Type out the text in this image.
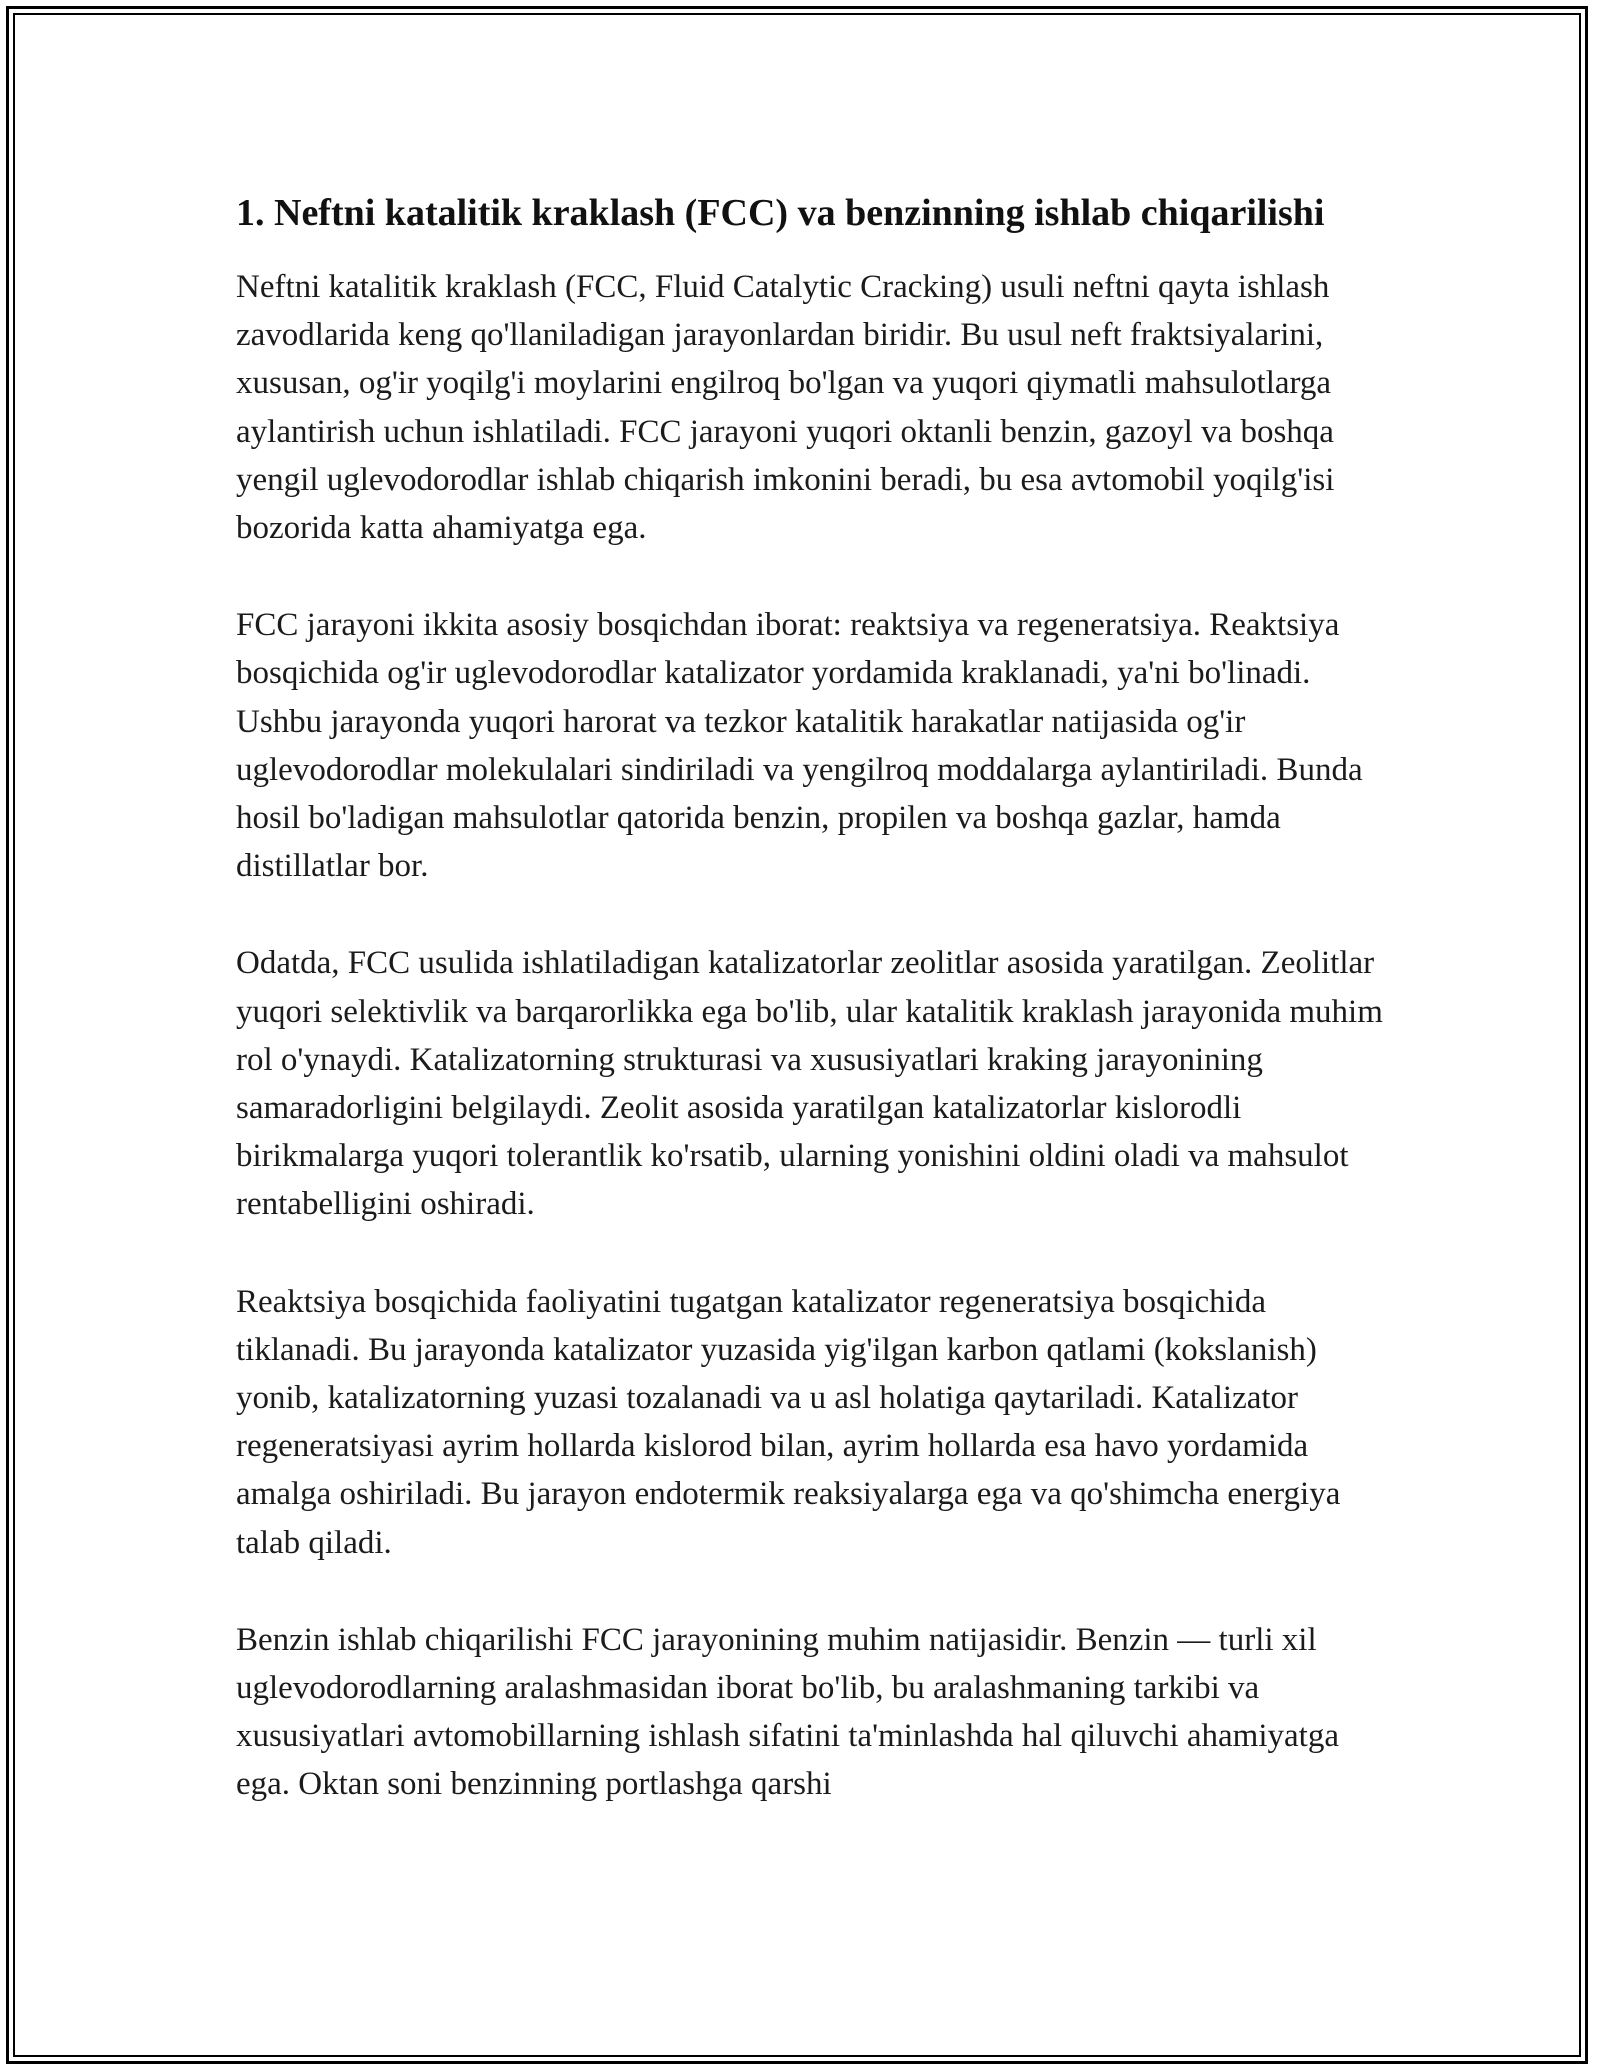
1. Neftni katalitik kraklash (FCC) va benzinning ishlab chiqarilishi

Neftni katalitik kraklash (FCC, Fluid Catalytic Cracking) usuli neftni qayta ishlash zavodlarida keng qo'llaniladigan jarayonlardan biridir. Bu usul neft fraktsiyalarini, xususan, og'ir yoqilg'i moylarini engilroq bo'lgan va yuqori qiymatli mahsulotlarga aylantirish uchun ishlatiladi. FCC jarayoni yuqori oktanli benzin, gazoyl va boshqa yengil uglevodorodlar ishlab chiqarish imkonini beradi, bu esa avtomobil yoqilg'isi bozorida katta ahamiyatga ega.

FCC jarayoni ikkita asosiy bosqichdan iborat: reaktsiya va regeneratsiya. Reaktsiya bosqichida og'ir uglevodorodlar katalizator yordamida kraklanadi, ya'ni bo'linadi. Ushbu jarayonda yuqori harorat va tezkor katalitik harakatlar natijasida og'ir uglevodorodlar molekulalari sindiriladi va yengilroq moddalarga aylantiriladi. Bunda hosil bo'ladigan mahsulotlar qatorida benzin, propilen va boshqa gazlar, hamda distillatlar bor.

Odatda, FCC usulida ishlatiladigan katalizatorlar zeolitlar asosida yaratilgan. Zeolitlar yuqori selektivlik va barqarorlikka ega bo'lib, ular katalitik kraklash jarayonida muhim rol o'ynaydi. Katalizatorning strukturasi va xususiyatlari kraking jarayonining samaradorligini belgilaydi. Zeolit asosida yaratilgan katalizatorlar kislorodli birikmalarga yuqori tolerantlik ko'rsatib, ularning yonishini oldini oladi va mahsulot rentabelligini oshiradi.

Reaktsiya bosqichida faoliyatini tugatgan katalizator regeneratsiya bosqichida tiklanadi. Bu jarayonda katalizator yuzasida yig'ilgan karbon qatlami (kokslanish) yonib, katalizatorning yuzasi tozalanadi va u asl holatiga qaytariladi. Katalizator regeneratsiyasi ayrim hollarda kislorod bilan, ayrim hollarda esa havo yordamida amalga oshiriladi. Bu jarayon endotermik reaksiyalarga ega va qo'shimcha energiya talab qiladi.

Benzin ishlab chiqarilishi FCC jarayonining muhim natijasidir. Benzin — turli xil uglevodorodlarning aralashmasidan iborat bo'lib, bu aralashmaning tarkibi va xususiyatlari avtomobillarning ishlash sifatini ta'minlashda hal qiluvchi ahamiyatga ega. Oktan soni benzinning portlashga qarshi
